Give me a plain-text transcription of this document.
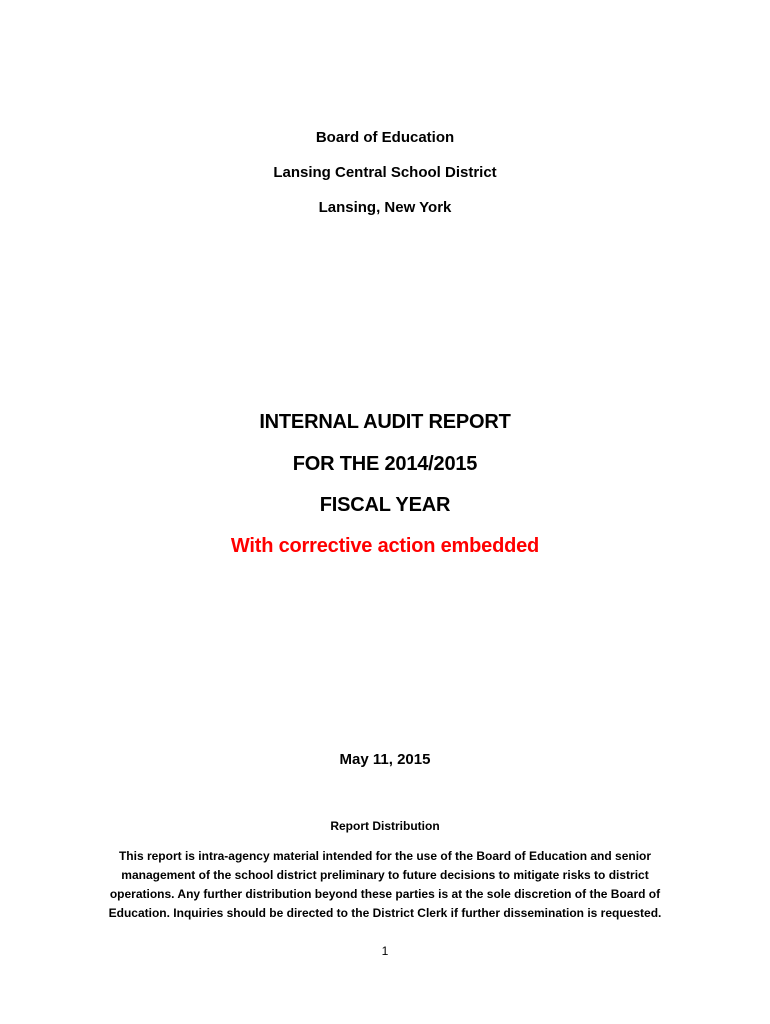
Board of Education
Lansing Central School District
Lansing, New York
INTERNAL AUDIT REPORT
FOR THE 2014/2015
FISCAL YEAR
With corrective action embedded
May 11, 2015
Report Distribution
This report is intra-agency material intended for the use of the Board of Education and senior management of the school district preliminary to future decisions to mitigate risks to district operations. Any further distribution beyond these parties is at the sole discretion of the Board of Education. Inquiries should be directed to the District Clerk if further dissemination is requested.
1
